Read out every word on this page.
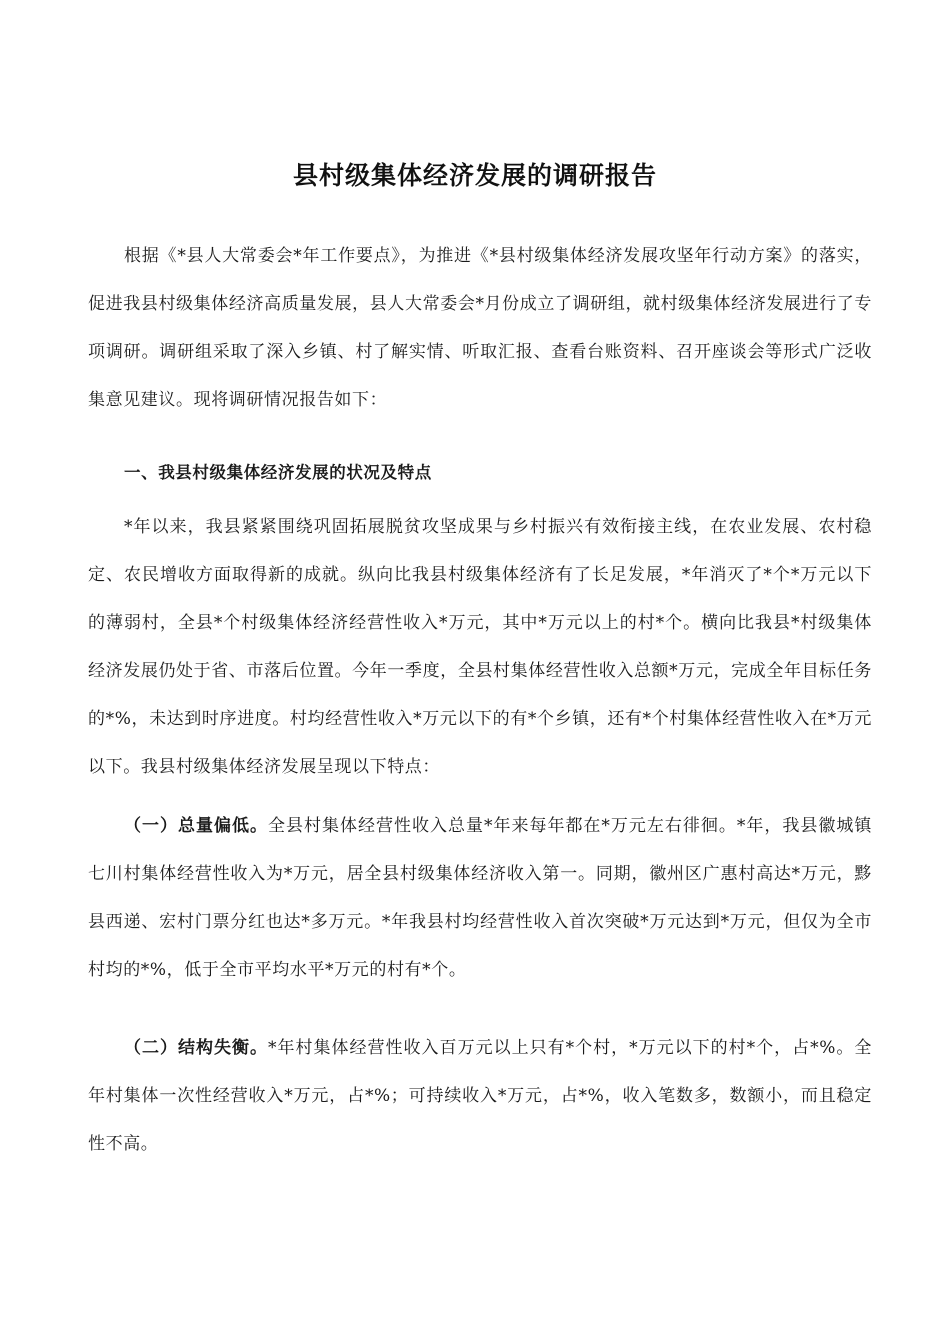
县村级集体经济发展的调研报告

根据《*县人大常委会*年工作要点》，为推进《*县村级集体经济发展攻坚年行动方案》的落实，促进我县村级集体经济高质量发展，县人大常委会*月份成立了调研组，就村级集体经济发展进行了专项调研。调研组采取了深入乡镇、村了解实情、听取汇报、查看台账资料、召开座谈会等形式广泛收集意见建议。现将调研情况报告如下：

一、我县村级集体经济发展的状况及特点

*年以来，我县紧紧围绕巩固拓展脱贫攻坚成果与乡村振兴有效衔接主线，在农业发展、农村稳定、农民增收方面取得新的成就。纵向比我县村级集体经济有了长足发展，*年消灭了*个*万元以下的薄弱村，全县*个村级集体经济经营性收入*万元，其中*万元以上的村*个。横向比我县*村级集体经济发展仍处于省、市落后位置。今年一季度，全县村集体经营性收入总额*万元，完成全年目标任务的*%，未达到时序进度。村均经营性收入*万元以下的有*个乡镇，还有*个村集体经营性收入在*万元以下。我县村级集体经济发展呈现以下特点：

（一）总量偏低。全县村集体经营性收入总量*年来每年都在*万元左右徘徊。*年，我县徽城镇七川村集体经营性收入为*万元，居全县村级集体经济收入第一。同期，徽州区广惠村高达*万元，黟县西递、宏村门票分红也达*多万元。*年我县村均经营性收入首次突破*万元达到*万元，但仅为全市村均的*%，低于全市平均水平*万元的村有*个。

（二）结构失衡。*年村集体经营性收入百万元以上只有*个村，*万元以下的村*个，占*%。全年村集体一次性经营收入*万元，占*%；可持续收入*万元，占*%，收入笔数多，数额小，而且稳定性不高。
